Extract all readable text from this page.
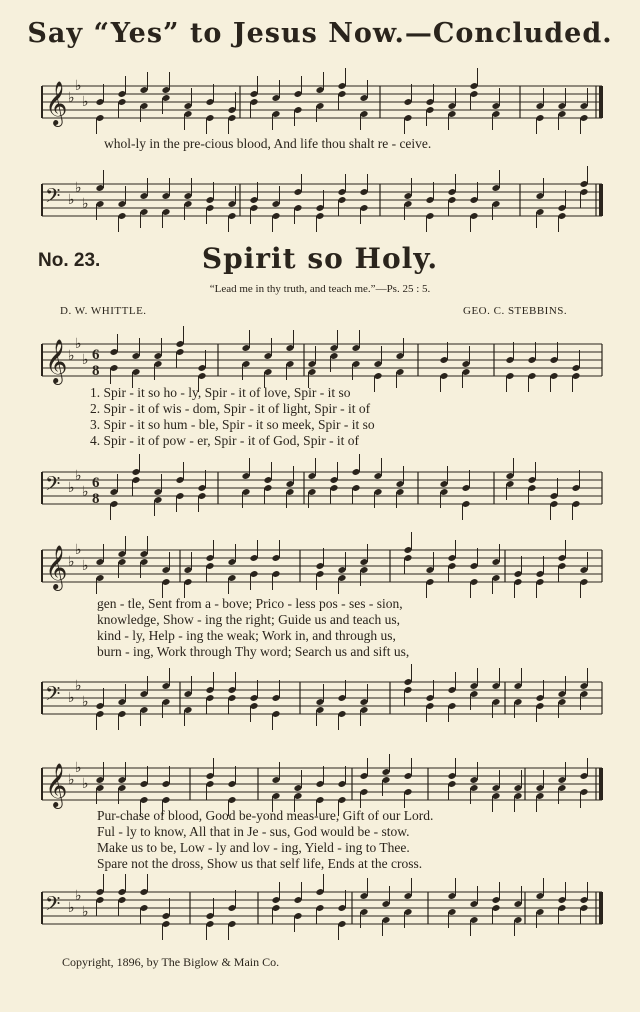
Say “Yes” to Jesus Now.—Concluded.
𝄞 ♭
♭
♭
whol-ly in the pre-cious blood, And life thou shalt re - ceive.
𝄢 ♭
♭
♭
No. 23.	Spirit so Holy.
“Lead me in thy truth, and teach me.”—Ps. 25 : 5.
D. W. WHITTLE.	GEO. C. STEBBINS.
𝄞 ♭
♭
♭ 6
8
1. Spir - it so ho - ly, Spir - it of love, Spir - it so
2. Spir - it of wis - dom, Spir - it of light, Spir - it of
3. Spir - it so hum - ble, Spir - it so meek, Spir - it so
4. Spir - it of pow - er, Spir - it of God, Spir - it of
𝄢 ♭
♭
♭
6
8
𝄞 ♭
♭
♭
gen - tle, Sent from a - bove; Prico - less pos - ses - sion,
knowledge, Show - ing the right; Guide us and teach us,
kind - ly, Help - ing the weak; Work in, and through us,
burn - ing, Work through Thy word; Search us and sift us,
𝄢 ♭
♭
♭
𝄞 ♭
♭
♭
Pur-chase of blood, Good be-yond meas-ure, Gift of our Lord.
Ful - ly to know, All that in Je - sus, God would be - stow.
Make us to be, Low - ly and lov - ing, Yield - ing to Thee.
Spare not the dross, Show us that self life, Ends at the cross.
𝄢 ♭
♭
♭
Copyright, 1896, by The Biglow & Main Co.
